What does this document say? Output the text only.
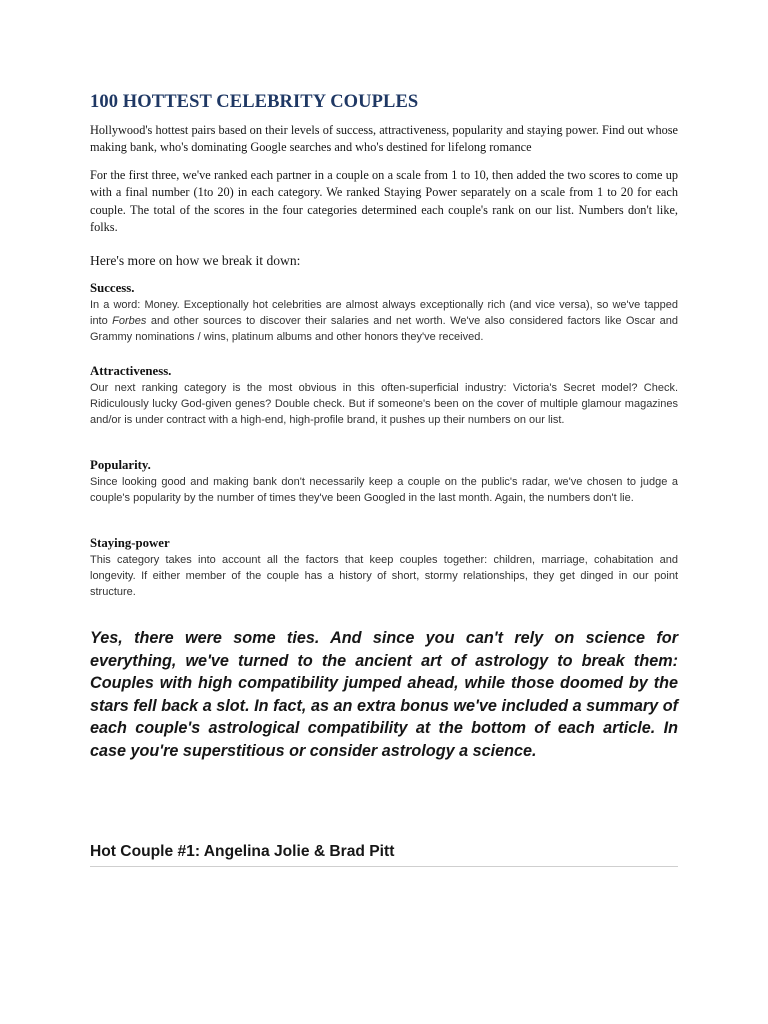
100 HOTTEST CELEBRITY COUPLES

Hollywood's hottest pairs based on their levels of success, attractiveness, popularity and staying power. Find out whose making bank, who's dominating Google searches and who's destined for lifelong romance

For the first three, we've ranked each partner in a couple on a scale from 1 to 10, then added the two scores to come up with a final number (1to 20) in each category. We ranked Staying Power separately on a scale from 1 to 20 for each couple. The total of the scores in the four categories determined each couple's rank on our list. Numbers don't like, folks.

Here's more on how we break it down:

Success.

In a word: Money. Exceptionally hot celebrities are almost always exceptionally rich (and vice versa), so we've tapped into Forbes and other sources to discover their salaries and net worth. We've also considered factors like Oscar and Grammy nominations / wins, platinum albums and other honors they've received.

Attractiveness.

Our next ranking category is the most obvious in this often-superficial industry: Victoria's Secret model? Check. Ridiculously lucky God-given genes? Double check. But if someone's been on the cover of multiple glamour magazines and/or is under contract with a high-end, high-profile brand, it pushes up their numbers on our list.

Popularity.

Since looking good and making bank don't necessarily keep a couple on the public's radar, we've chosen to judge a couple's popularity by the number of times they've been Googled in the last month. Again, the numbers don't lie.

Staying-power

This category takes into account all the factors that keep couples together: children, marriage, cohabitation and longevity. If either member of the couple has a history of short, stormy relationships, they get dinged in our point structure.

Yes, there were some ties. And since you can't rely on science for everything, we've turned to the ancient art of astrology to break them: Couples with high compatibility jumped ahead, while those doomed by the stars fell back a slot. In fact, as an extra bonus we've included a summary of each couple's astrological compatibility at the bottom of each article. In case you're superstitious or consider astrology a science.

Hot Couple #1: Angelina Jolie & Brad Pitt
